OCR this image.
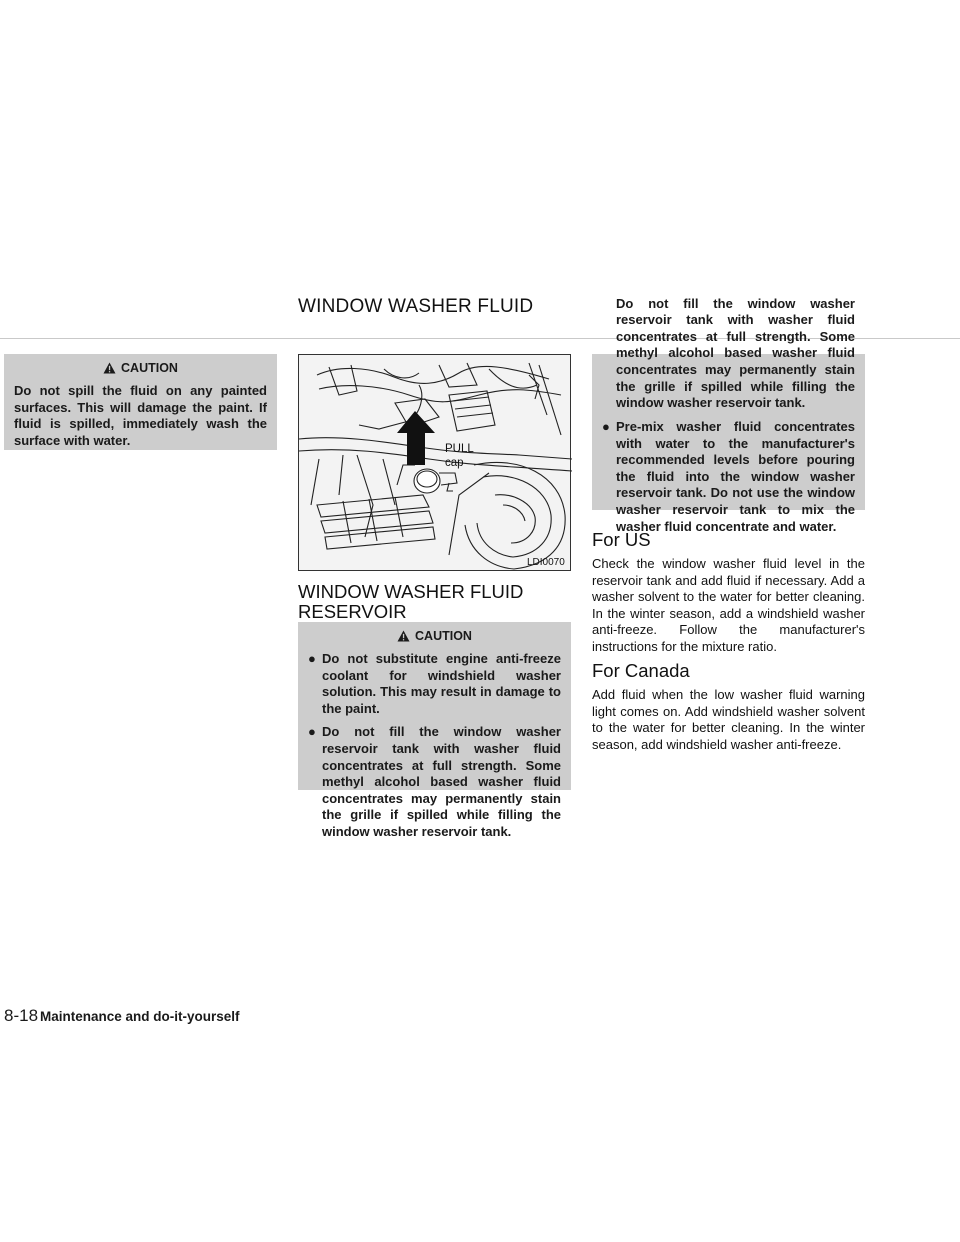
WINDOW WASHER FLUID
CAUTION

Do not spill the fluid on any painted surfaces. This will damage the paint. If fluid is spilled, immediately wash the surface with water.

PULL
cap
LDI0070
WINDOW WASHER FLUID RESERVOIR
CAUTION
● Do not substitute engine anti-freeze coolant for windshield washer solution. This may result in damage to the paint.
● Do not fill the window washer reservoir tank with washer fluid concentrates at full strength. Some methyl alcohol based washer fluid concentrates may permanently stain the grille if spilled while filling the window washer reservoir tank.
Do not fill the window washer reservoir tank with washer fluid concentrates at full strength. Some methyl alcohol based washer fluid concentrates may permanently stain the grille if spilled while filling the window washer reservoir tank.
● Pre-mix washer fluid concentrates with water to the manufacturer's recommended levels before pouring the fluid into the window washer reservoir tank. Do not use the window washer reservoir tank to mix the washer fluid concentrate and water.
For US

Check the window washer fluid level in the reservoir tank and add fluid if necessary. Add a washer solvent to the water for better cleaning. In the winter season, add a windshield washer anti-freeze. Follow the manufacturer's instructions for the mixture ratio.

For Canada

Add fluid when the low washer fluid warning light comes on. Add windshield washer solvent to the water for better cleaning. In the winter season, add windshield washer anti-freeze.

8-18 Maintenance and do-it-yourself
